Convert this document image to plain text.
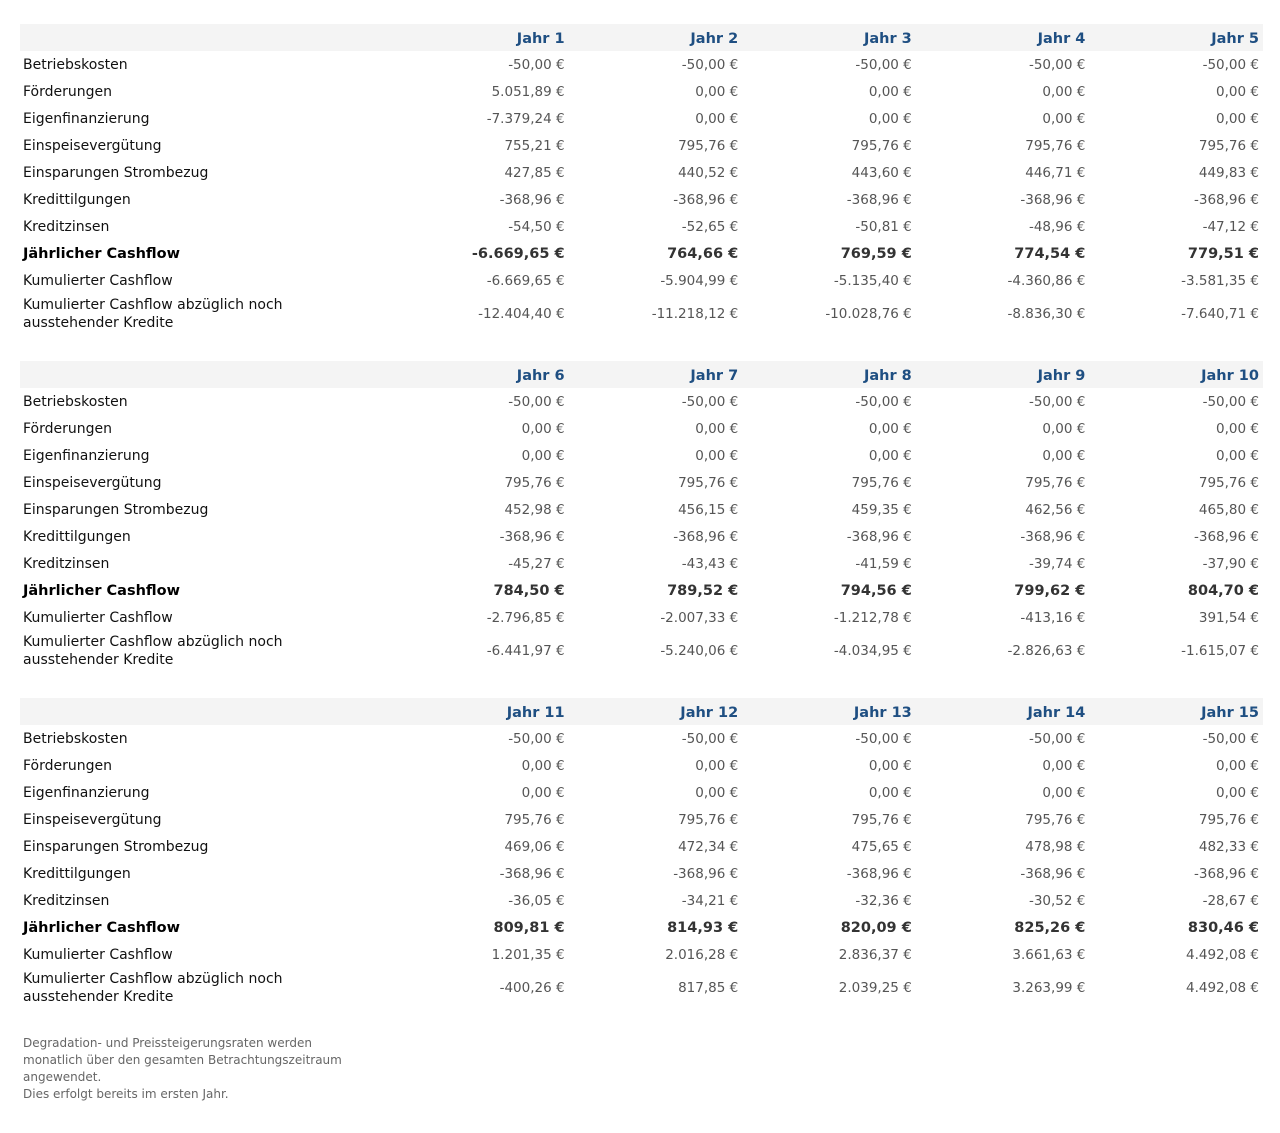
	Jahr 1	Jahr 2	Jahr 3	Jahr 4	Jahr 5
Betriebskosten	-50,00 €	-50,00 €	-50,00 €	-50,00 €	-50,00 €
Förderungen	5.051,89 €	0,00 €	0,00 €	0,00 €	0,00 €
Eigenfinanzierung	-7.379,24 €	0,00 €	0,00 €	0,00 €	0,00 €
Einspeisevergütung	755,21 €	795,76 €	795,76 €	795,76 €	795,76 €
Einsparungen Strombezug	427,85 €	440,52 €	443,60 €	446,71 €	449,83 €
Kredittilgungen	-368,96 €	-368,96 €	-368,96 €	-368,96 €	-368,96 €
Kreditzinsen	-54,50 €	-52,65 €	-50,81 €	-48,96 €	-47,12 €
Jährlicher Cashflow	-6.669,65 €	764,66 €	769,59 €	774,54 €	779,51 €
Kumulierter Cashflow	-6.669,65 €	-5.904,99 €	-5.135,40 €	-4.360,86 €	-3.581,35 €
Kumulierter Cashflow abzüglich noch ausstehender Kredite	-12.404,40 €	-11.218,12 €	-10.028,76 €	-8.836,30 €	-7.640,71 €
	Jahr 6	Jahr 7	Jahr 8	Jahr 9	Jahr 10
Betriebskosten	-50,00 €	-50,00 €	-50,00 €	-50,00 €	-50,00 €
Förderungen	0,00 €	0,00 €	0,00 €	0,00 €	0,00 €
Eigenfinanzierung	0,00 €	0,00 €	0,00 €	0,00 €	0,00 €
Einspeisevergütung	795,76 €	795,76 €	795,76 €	795,76 €	795,76 €
Einsparungen Strombezug	452,98 €	456,15 €	459,35 €	462,56 €	465,80 €
Kredittilgungen	-368,96 €	-368,96 €	-368,96 €	-368,96 €	-368,96 €
Kreditzinsen	-45,27 €	-43,43 €	-41,59 €	-39,74 €	-37,90 €
Jährlicher Cashflow	784,50 €	789,52 €	794,56 €	799,62 €	804,70 €
Kumulierter Cashflow	-2.796,85 €	-2.007,33 €	-1.212,78 €	-413,16 €	391,54 €
Kumulierter Cashflow abzüglich noch ausstehender Kredite	-6.441,97 €	-5.240,06 €	-4.034,95 €	-2.826,63 €	-1.615,07 €
	Jahr 11	Jahr 12	Jahr 13	Jahr 14	Jahr 15
Betriebskosten	-50,00 €	-50,00 €	-50,00 €	-50,00 €	-50,00 €
Förderungen	0,00 €	0,00 €	0,00 €	0,00 €	0,00 €
Eigenfinanzierung	0,00 €	0,00 €	0,00 €	0,00 €	0,00 €
Einspeisevergütung	795,76 €	795,76 €	795,76 €	795,76 €	795,76 €
Einsparungen Strombezug	469,06 €	472,34 €	475,65 €	478,98 €	482,33 €
Kredittilgungen	-368,96 €	-368,96 €	-368,96 €	-368,96 €	-368,96 €
Kreditzinsen	-36,05 €	-34,21 €	-32,36 €	-30,52 €	-28,67 €
Jährlicher Cashflow	809,81 €	814,93 €	820,09 €	825,26 €	830,46 €
Kumulierter Cashflow	1.201,35 €	2.016,28 €	2.836,37 €	3.661,63 €	4.492,08 €
Kumulierter Cashflow abzüglich noch ausstehender Kredite	-400,26 €	817,85 €	2.039,25 €	3.263,99 €	4.492,08 €
Degradation- und Preissteigerungsraten werden monatlich über den gesamten Betrachtungszeitraum angewendet.
Dies erfolgt bereits im ersten Jahr.
